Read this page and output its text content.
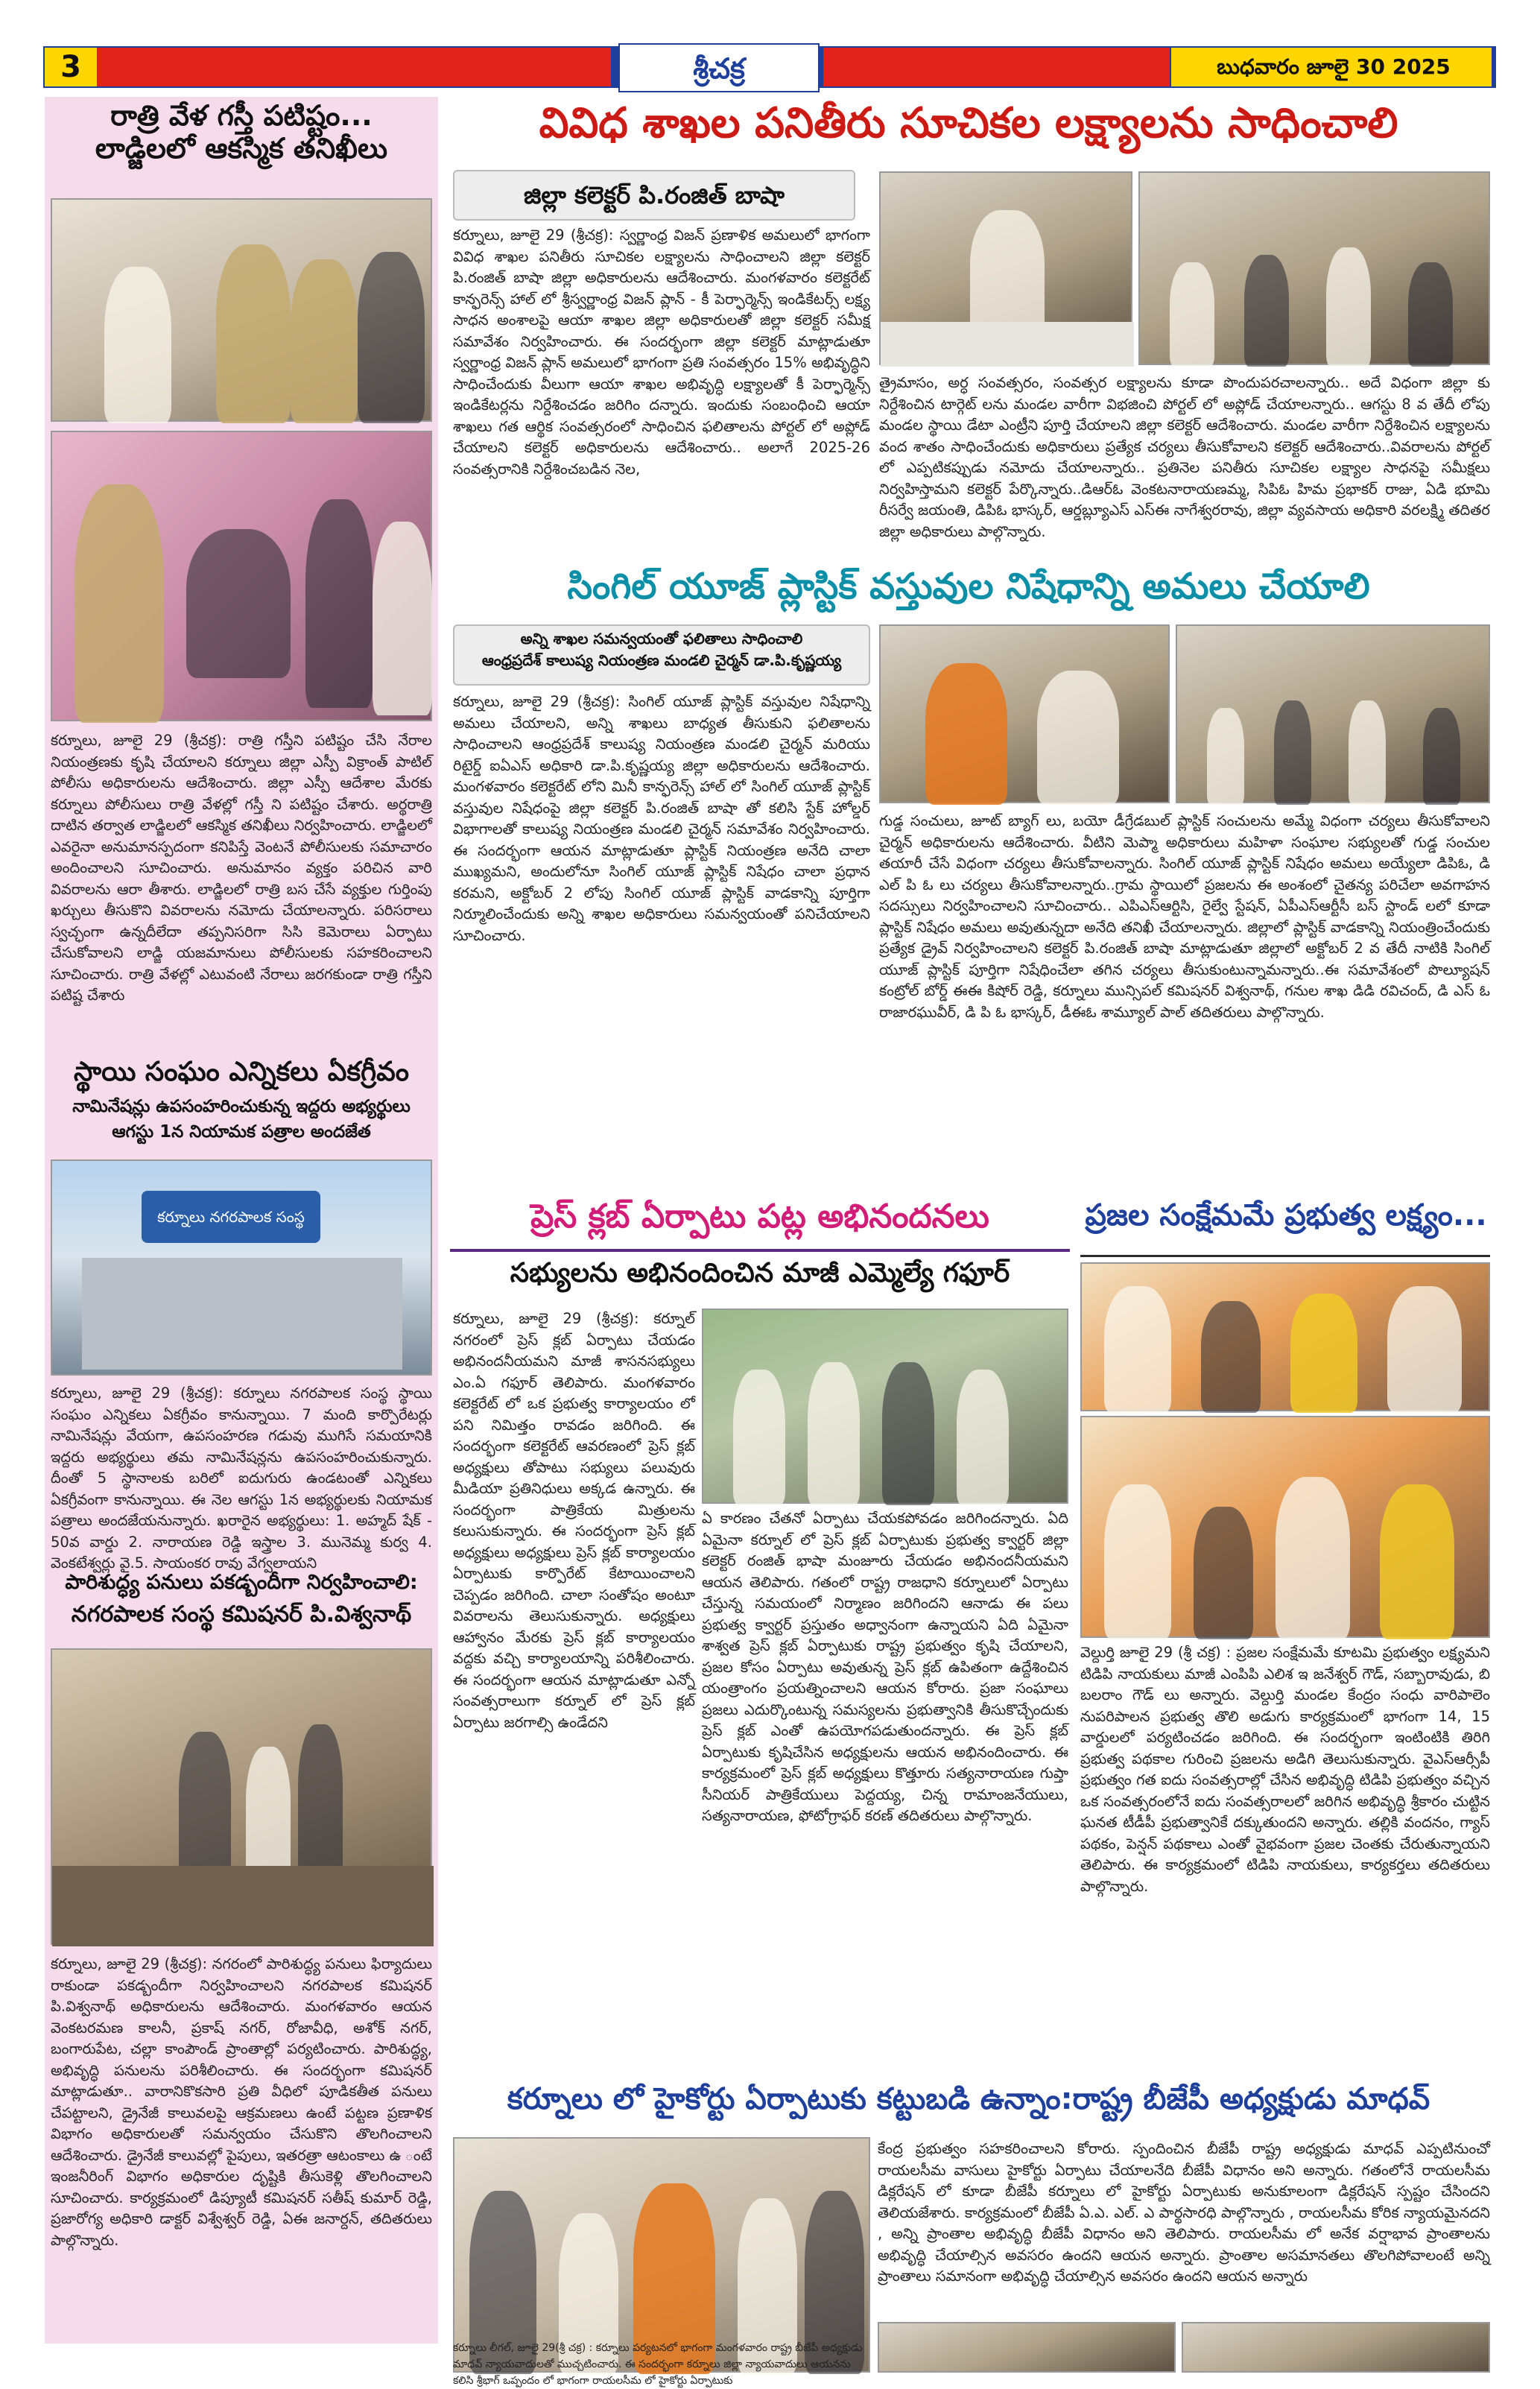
3	శ్రీచక్ర	బుధవారం జూలై 30 2025
రాత్రి వేళ గస్తీ పటిష్టం...
లాడ్జిలలో ఆకస్మిక తనిఖీలు
కర్నూలు, జూలై 29 (శ్రీచక్ర): రాత్రి గస్తీని పటిష్టం చేసి నేరాల నియంత్రణకు కృషి చేయాలని కర్నూలు జిల్లా ఎస్పీ విక్రాంత్ పాటిల్ పోలీసు అధికారులను ఆదేశించారు. జిల్లా ఎస్పీ ఆదేశాల మేరకు కర్నూలు పోలీసులు రాత్రి వేళల్లో గస్తీ ని పటిష్టం చేశారు. అర్థరాత్రి దాటిన తర్వాత లాడ్జిలలో ఆకస్మిక తనిఖీలు నిర్వహించారు. లాడ్జిలలో ఎవరైనా అనుమానస్పదంగా కనిపిస్తే వెంటనే పోలీసులకు సమాచారం అందించాలని సూచించారు. అనుమానం వ్యక్తం పరిచిన వారి వివరాలను ఆరా తీశారు. లాడ్జిలలో రాత్రి బస చేసే వ్యక్తుల గుర్తింపు ఖర్చులు తీసుకొని వివరాలను నమోదు చేయాలన్నారు. పరిసరాలు స్వచ్ఛంగా ఉన్నదీలేదా తప్పనిసరిగా సిసి కెమెరాలు ఏర్పాటు చేసుకోవాలని లాడ్జి యజమానులు పోలీసులకు సహకరించాలని సూచించారు. రాత్రి వేళల్లో ఎటువంటి నేరాలు జరగకుండా రాత్రి గస్తీని పటిష్ట చేశారు
స్థాయి సంఘం ఎన్నికలు ఏకగ్రీవం
నామినేషన్లు ఉపసంహరించుకున్న ఇద్దరు అభ్యర్థులు
ఆగస్టు 1న నియామక పత్రాల అందజేత
కర్నూలు నగరపాలక సంస్థ
కర్నూలు, జూలై 29 (శ్రీచక్ర): కర్నూలు నగరపాలక సంస్థ స్థాయి సంఘం ఎన్నికలు ఏకగ్రీవం కానున్నాయి. 7 మంది కార్పొరేటర్లు నామినేషన్లు వేయగా, ఉపసంహరణ గడువు ముగిసే సమయానికి ఇద్దరు అభ్యర్థులు తమ నామినేషన్లను ఉపసంహరించుకున్నారు. దీంతో 5 స్థానాలకు బరిలో ఐదుగురు ఉండటంతో ఎన్నికలు ఏకగ్రీవంగా కానున్నాయి. ఈ నెల ఆగస్టు 1న అభ్యర్థులకు నియామక పత్రాలు అందజేయనున్నారు. ఖరారైన అభ్యర్థులు: 1. అహ్మద్ షేక్ - 50వ వార్డు 2. నారాయణ రెడ్డి ఇస్త్రాల 3. మునెమ్మ కుర్వ 4. వెంకటేశ్వర్లు వై.5. సాయంకర రావు వేగ్వలాయని
పారిశుద్ధ్య పనులు పకడ్బందీగా నిర్వహించాలి:
నగరపాలక సంస్థ కమిషనర్ పి.విశ్వనాథ్
కర్నూలు, జూలై 29 (శ్రీచక్ర): నగరంలో పారిశుద్ధ్య పనులు ఫిర్యాదులు రాకుండా పకడ్బందీగా నిర్వహించాలని నగరపాలక కమిషనర్ పి.విశ్వనాథ్ అధికారులను ఆదేశించారు. మంగళవారం ఆయన వెంకటరమణ కాలనీ, ప్రకాష్ నగర్, రోజావీధి, అశోక్ నగర్, బంగారుపేట, చల్లా కాంపౌండ్ ప్రాంతాల్లో పర్యటించారు. పారిశుద్ధ్య, అభివృద్ధి పనులను పరిశీలించారు. ఈ సందర్భంగా కమిషనర్ మాట్లాడుతూ.. వారానికొకసారి ప్రతి వీధిలో పూడికతీత పనులు చేపట్టాలని, డ్రైనేజీ కాలువలపై ఆక్రమణలు ఉంటే పట్టణ ప్రణాళిక విభాగం అధికారులతో సమన్వయం చేసుకొని తొలగించాలని ఆదేశించారు. డ్రైనేజీ కాలువల్లో పైపులు, ఇతరత్రా ఆటంకాలు ఉ ంటే ఇంజనీరింగ్ విభాగం అధికారుల దృష్టికి తీసుకెళ్లి తొలగించాలని సూచించారు. కార్యక్రమంలో డిప్యూటీ కమిషనర్ సతీష్ కుమార్ రెడ్డి, ప్రజారోగ్య అధికారి డాక్టర్ విశ్వేశ్వర్ రెడ్డి, ఏఈ జనార్దన్, తదితరులు పాల్గొన్నారు.
వివిధ శాఖల పనితీరు సూచికల లక్ష్యాలను సాధించాలి
జిల్లా కలెక్టర్ పి.రంజిత్ బాషా
కర్నూలు, జూలై 29 (శ్రీచక్ర): స్వర్ణాంధ్ర విజన్ ప్రణాళిక అమలులో భాగంగా వివిధ శాఖల పనితీరు సూచికల లక్ష్యాలను సాధించాలని జిల్లా కలెక్టర్ పి.రంజిత్ బాషా జిల్లా అధికారులను ఆదేశించారు. మంగళవారం కలెక్టరేట్ కాన్ఫరెన్స్ హాల్ లో శ్రీస్వర్ణాంధ్ర విజన్ ప్లాన్ - కీ పెర్ఫార్మెన్స్ ఇండికేటర్స్ లక్ష్య సాధన అంశాలపై ఆయా శాఖల జిల్లా అధికారులతో జిల్లా కలెక్టర్ సమీక్ష సమావేశం నిర్వహించారు. ఈ సందర్భంగా జిల్లా కలెక్టర్ మాట్లాడుతూ స్వర్ణాంధ్ర విజన్ ప్లాన్ అమలులో భాగంగా ప్రతి సంవత్సరం 15% అభివృద్ధిని సాధించేందుకు వీలుగా ఆయా శాఖల అభివృద్ధి లక్ష్యాలతో కీ పెర్ఫార్మెన్స్ ఇండికేటర్లను నిర్దేశించడం జరిగిం దన్నారు. ఇందుకు సంబంధించి ఆయా శాఖలు గత ఆర్థిక సంవత్సరంలో సాధించిన ఫలితాలను పోర్టల్ లో అప్లోడ్ చేయాలని కలెక్టర్ అధికారులను ఆదేశించారు.. అలాగే 2025-26 సంవత్సరానికి నిర్దేశించబడిన నెల,
త్రైమాసం, అర్ధ సంవత్సరం, సంవత్సర లక్ష్యాలను కూడా పొందుపరచాలన్నారు.. అదే విధంగా జిల్లా కు నిర్దేశించిన టార్గెట్ లను మండల వారీగా విభజించి పోర్టల్ లో అప్లోడ్ చేయాలన్నారు.. ఆగస్టు 8 వ తేదీ లోపు మండల స్థాయి డేటా ఎంట్రీని పూర్తి చేయాలని జిల్లా కలెక్టర్ ఆదేశించారు. మండల వారీగా నిర్దేశించిన లక్ష్యాలను వంద శాతం సాధించేందుకు అధికారులు ప్రత్యేక చర్యలు తీసుకోవాలని కలెక్టర్ ఆదేశించారు..వివరాలను పోర్టల్ లో ఎప్పటికప్పుడు నమోదు చేయాలన్నారు.. ప్రతినెల పనితీరు సూచికల లక్ష్యాల సాధనపై సమీక్షలు నిర్వహిస్తామని కలెక్టర్ పేర్కొన్నారు..డిఆర్ఓ వెంకటనారాయణమ్మ, సిపిఓ హిమ ప్రభాకర్ రాజు, ఏడి భూమి రీసర్వే జయంతి, డిపిఓ భాస్కర్, ఆర్డబ్ల్యూఎస్ ఎస్ఈ నాగేశ్వరరావు, జిల్లా వ్యవసాయ అధికారి వరలక్ష్మి తదితర జిల్లా అధికారులు పాల్గొన్నారు.
సింగిల్ యూజ్ ప్లాస్టిక్ వస్తువుల నిషేధాన్ని అమలు చేయాలి
అన్ని శాఖల సమన్వయంతో ఫలితాలు సాధించాలి
ఆంధ్రప్రదేశ్ కాలుష్య నియంత్రణ మండలి చైర్మన్ డా.పి.కృష్ణయ్య
కర్నూలు, జూలై 29 (శ్రీచక్ర): సింగిల్ యూజ్ ప్లాస్టిక్ వస్తువుల నిషేధాన్ని అమలు చేయాలని, అన్ని శాఖలు బాధ్యత తీసుకుని ఫలితాలను సాధించాలని ఆంధ్రప్రదేశ్ కాలుష్య నియంత్రణ మండలి చైర్మన్ మరియు రిటైర్డ్ ఐఏఎస్ అధికారి డా.పి.కృష్ణయ్య జిల్లా అధికారులను ఆదేశించారు. మంగళవారం కలెక్టరేట్ లోని మినీ కాన్ఫరెన్స్ హాల్ లో సింగిల్ యూజ్ ప్లాస్టిక్ వస్తువుల నిషేధంపై జిల్లా కలెక్టర్ పి.రంజిత్ బాషా తో కలిసి స్టేక్ హోల్డర్ విభాగాలతో కాలుష్య నియంత్రణ మండలి చైర్మన్ సమావేశం నిర్వహించారు. ఈ సందర్భంగా ఆయన మాట్లాడుతూ ప్లాస్టిక్ నియంత్రణ అనేది చాలా ముఖ్యమని, అందులోనూ సింగిల్ యూజ్ ప్లాస్టిక్ నిషేధం చాలా ప్రధాన కరమని, అక్టోబర్ 2 లోపు సింగిల్ యూజ్ ప్లాస్టిక్ వాడకాన్ని పూర్తిగా నిర్మూలించేందుకు అన్ని శాఖల అధికారులు సమన్వయంతో పనిచేయాలని సూచించారు.
గుడ్డ సంచులు, జూట్ బ్యాగ్ లు, బయో డీగ్రేడబుల్ ప్లాస్టిక్ సంచులను అమ్మే విధంగా చర్యలు తీసుకోవాలని చైర్మన్ అధికారులను ఆదేశించారు. వీటిని మెప్మా అధికారులు మహిళా సంఘాల సభ్యులతో గుడ్డ సంచుల తయారీ చేసే విధంగా చర్యలు తీసుకోవాలన్నారు. సింగిల్ యూజ్ ప్లాస్టిక్ నిషేధం అమలు అయ్యేలా డిపిఓ, డి ఎల్ పి ఓ లు చర్యలు తీసుకోవాలన్నారు..గ్రామ స్థాయిలో ప్రజలను ఈ అంశంలో చైతన్య పరిచేలా అవగాహన సదస్సులు నిర్వహించాలని సూచించారు.. ఎపిఎస్ఆర్టిసి, రైల్వే స్టేషన్, ఏపీఎస్ఆర్టీసీ బస్ స్టాండ్ లలో కూడా ప్లాస్టిక్ నిషేధం అమలు అవుతున్నదా అనేది తనిఖీ చేయాలన్నారు. జిల్లాలో ప్లాస్టిక్ వాడకాన్ని నియంత్రించేందుకు ప్రత్యేక డ్రైవ్ నిర్వహించాలని కలెక్టర్ పి.రంజిత్ బాషా మాట్లాడుతూ జిల్లాలో అక్టోబర్ 2 వ తేదీ నాటికి సింగిల్ యూజ్ ప్లాస్టిక్ పూర్తిగా నిషేధించేలా తగిన చర్యలు తీసుకుంటున్నామన్నారు..ఈ సమావేశంలో పొల్యూషన్ కంట్రోల్ బోర్డ్ ఈఈ కిషోర్ రెడ్డి, కర్నూలు మున్సిపల్ కమిషనర్ విశ్వనాథ్, గనుల శాఖ డిడి రవిచంద్, డి ఎస్ ఓ రాజారఘువీర్, డి పి ఓ భాస్కర్, డీఈఓ శామ్యూల్ పాల్ తదితరులు పాల్గొన్నారు.
ప్రెస్ క్లబ్ ఏర్పాటు పట్ల అభినందనలు
సభ్యులను అభినందించిన మాజీ ఎమ్మెల్యే గఫూర్
కర్నూలు, జూలై 29 (శ్రీచక్ర): కర్నూల్ నగరంలో ప్రెస్ క్లబ్ ఏర్పాటు చేయడం అభినందనీయమని మాజీ శాసనసభ్యులు ఎం.ఏ గఫూర్ తెలిపారు. మంగళవారం కలెక్టరేట్ లో ఒక ప్రభుత్వ కార్యాలయం లో పని నిమిత్తం రావడం జరిగింది. ఈ సందర్భంగా కలెక్టరేట్ ఆవరణంలో ప్రెస్ క్లబ్ అధ్యక్షులు తోపాటు సభ్యులు పలువురు మీడియా ప్రతినిధులు అక్కడ ఉన్నారు. ఈ సందర్భంగా పాత్రికేయ మిత్రులను కలుసుకున్నారు. ఈ సందర్భంగా ప్రెస్ క్లబ్ అధ్యక్షులు అధ్యక్షులు ప్రెస్ క్లబ్ కార్యాలయం ఏర్పాటుకు కార్పొరేట్ కేటాయించాలని చెప్పడం జరిగింది. చాలా సంతోషం అంటూ వివరాలను తెలుసుకున్నారు. అధ్యక్షులు ఆహ్వానం మేరకు ప్రెస్ క్లబ్ కార్యాలయం వద్దకు వచ్చి కార్యాలయాన్ని పరిశీలించారు. ఈ సందర్భంగా ఆయన మాట్లాడుతూ ఎన్నో సంవత్సరాలుగా కర్నూల్ లో ప్రెస్ క్లబ్ ఏర్పాటు జరగాల్సి ఉండేదని
ఏ కారణం చేతనో ఏర్పాటు చేయకపోవడం జరిగిందన్నారు. ఏది ఏమైనా కర్నూల్ లో ప్రెస్ క్లబ్ ఏర్పాటుకు ప్రభుత్వ క్వార్టర్ జిల్లా కలెక్టర్ రంజిత్ భాషా మంజూరు చేయడం అభినందనీయమని ఆయన తెలిపారు. గతంలో రాష్ట్ర రాజధాని కర్నూలులో ఏర్పాటు చేస్తున్న సమయంలో నిర్మాణం జరిగిందని ఆనాడు ఈ పలు ప్రభుత్వ క్వార్టర్ ప్రస్తుతం అధ్వానంగా ఉన్నాయని ఏది ఏమైనా శాశ్వత ప్రెస్ క్లబ్ ఏర్పాటుకు రాష్ట్ర ప్రభుత్వం కృషి చేయాలని, ప్రజల కోసం ఏర్పాటు అవుతున్న ప్రెస్ క్లబ్ ఉపితంగా ఉద్దేశించిన యంత్రాంగం ప్రయత్నించాలని ఆయన కోరారు. ప్రజా సంఘాలు ప్రజలు ఎదుర్కొంటున్న సమస్యలను ప్రభుత్వానికి తీసుకొచ్చేందుకు ప్రెస్ క్లబ్ ఎంతో ఉపయోగపడుతుందన్నారు. ఈ ప్రెస్ క్లబ్ ఏర్పాటుకు కృషిచేసిన అధ్యక్షులను ఆయన అభినందించారు. ఈ కార్యక్రమంలో ప్రెస్ క్లబ్ అధ్యక్షులు కొత్తూరు సత్యనారాయణ గుప్తా సీనియర్ పాత్రికేయులు పెద్దయ్య, చిన్న రామాంజనేయులు, సత్యనారాయణ, ఫోటోగ్రాఫర్ కరణ్ తదితరులు పాల్గొన్నారు.
ప్రజల సంక్షేమమే ప్రభుత్వ లక్ష్యం...
వెల్దుర్తి జూలై 29 (శ్రీ చక్ర) : ప్రజల సంక్షేమమే కూటమి ప్రభుత్వం లక్ష్యమని టిడిపి నాయకులు మాజీ ఎంపిపి ఎలిశ ఇ జనేశ్వర్ గౌడ్, సబ్బారావుడు, బి బలరాం గౌడ్ లు అన్నారు. వెల్దుర్తి మండల కేంద్రం సంధు వారిపాలెం నుపరిపాలన ప్రభుత్వ తొలి అడుగు కార్యక్రమంలో భాగంగా 14, 15 వార్డులలో పర్యటించడం జరిగింది. ఈ సందర్భంగా ఇంటింటికి తిరిగి ప్రభుత్వ పథకాల గురించి ప్రజలను అడిగి తెలుసుకున్నారు. వైఎస్ఆర్సీపీ ప్రభుత్వం గత ఐదు సంవత్సరాల్లో చేసిన అభివృద్ధి టిడిపి ప్రభుత్వం వచ్చిన ఒక సంవత్సరంలోనే ఐదు సంవత్సరాలలో జరిగిన అభివృద్ధి శ్రీకారం చుట్టిన ఘనత టీడీపీ ప్రభుత్వానికే దక్కుతుందని అన్నారు. తల్లికి వందనం, గ్యాస్ పథకం, పెన్షన్ పథకాలు ఎంతో వైభవంగా ప్రజల చెంతకు చేరుతున్నాయని తెలిపారు. ఈ కార్యక్రమంలో టిడిపి నాయకులు, కార్యకర్తలు తదితరులు పాల్గొన్నారు.
కర్నూలు లో హైకోర్టు ఏర్పాటుకు కట్టుబడి ఉన్నాం:రాష్ట్ర బీజేపీ అధ్యక్షుడు మాధవ్
కేంద్ర ప్రభుత్వం సహకరించాలని కోరారు. స్పందించిన బీజేపీ రాష్ట్ర అధ్యక్షుడు మాధవ్ ఎప్పటినుంచో రాయలసీమ వాసులు హైకోర్టు ఏర్పాటు చేయాలనేది బీజేపీ విధానం అని అన్నారు. గతంలోనే రాయలసీమ డిక్లరేషన్ లో కూడా బీజేపీ కర్నూలు లో హైకోర్టు ఏర్పాటుకు అనుకూలంగా డిక్లరేషన్ స్పష్టం చేసిందని తెలియజేశారు. కార్యక్రమంలో బీజేపీ ఏ.ఎ. ఎల్. ఎ పార్థసారధి పాల్గొన్నారు , రాయలసీమ కోరిక న్యాయమైనదని , అన్ని ప్రాంతాల అభివృద్ధి బీజేపీ విధానం అని తెలిపారు. రాయలసీమ లో అనేక వర్షాభావ ప్రాంతాలను అభివృద్ధి చేయాల్సిన అవసరం ఉందని ఆయన అన్నారు. ప్రాంతాల అసమానతలు తొలగిపోవాలంటే అన్ని ప్రాంతాలు సమానంగా అభివృద్ధి చేయాల్సిన అవసరం ఉందని ఆయన అన్నారు
కర్నూలు లీగల్, జూలై 29(శ్రీ చక్ర) : కర్నూలు పర్యటనలో భాగంగా మంగళవారం రాష్ట్ర బీజేపీ అధ్యక్షుడు మాధవ్ న్యాయవాదులతో ముచ్చటించారు. ఈ సందర్భంగా కర్నూలు జిల్లా న్యాయవాదులు ఆయనను కలిసి శ్రీభాగ్ ఒప్పందం లో భాగంగా రాయలసీమ లో హైకోర్టు ఏర్పాటుకు
